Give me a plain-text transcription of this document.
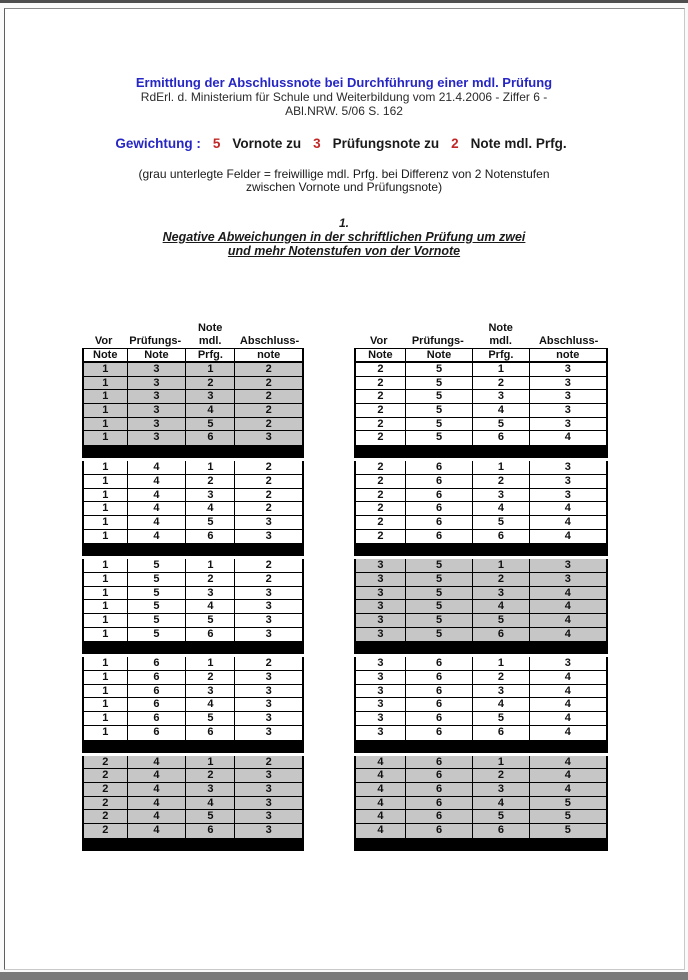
Ermittlung der Abschlussnote bei Durchführung einer mdl. Prüfung
RdErl. d. Ministerium für Schule und Weiterbildung vom 21.4.2006 - Ziffer 6 -
ABl.NRW. 5/06 S. 162
Gewichtung : 5 Vornote zu 3 Prüfungsnote zu 2 Note mdl. Prfg.
(grau unterlegte Felder = freiwillige mdl. Prfg. bei Differenz von 2 Notenstufen
zwischen Vornote und Prüfungsnote)
1.
Negative Abweichungen in der schriftlichen Prüfung um zwei
und mehr Notenstufen von der Vornote
Note
Vor	Prüfungs-	mdl.	Abschluss-
Note	Note	Prfg.	note
1	3	1	2
1	3	2	2
1	3	3	2
1	3	4	2
1	3	5	2
1	3	6	3
1	4	1	2
1	4	2	2
1	4	3	2
1	4	4	2
1	4	5	3
1	4	6	3
1	5	1	2
1	5	2	2
1	5	3	3
1	5	4	3
1	5	5	3
1	5	6	3
1	6	1	2
1	6	2	3
1	6	3	3
1	6	4	3
1	6	5	3
1	6	6	3
2	4	1	2
2	4	2	3
2	4	3	3
2	4	4	3
2	4	5	3
2	4	6	3
Note
Vor	Prüfungs-	mdl.	Abschluss-
Note	Note	Prfg.	note
2	5	1	3
2	5	2	3
2	5	3	3
2	5	4	3
2	5	5	3
2	5	6	4
2	6	1	3
2	6	2	3
2	6	3	3
2	6	4	4
2	6	5	4
2	6	6	4
3	5	1	3
3	5	2	3
3	5	3	4
3	5	4	4
3	5	5	4
3	5	6	4
3	6	1	3
3	6	2	4
3	6	3	4
3	6	4	4
3	6	5	4
3	6	6	4
4	6	1	4
4	6	2	4
4	6	3	4
4	6	4	5
4	6	5	5
4	6	6	5
